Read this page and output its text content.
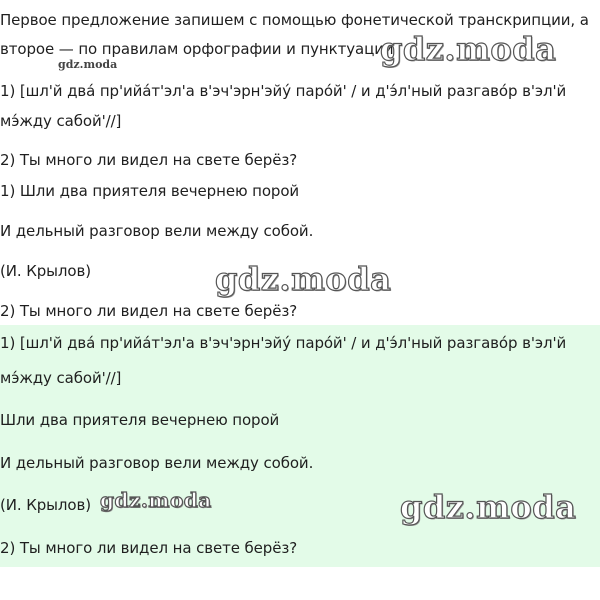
Первое предложение запишем с помощью фонетической транскрипции, а второе — по правилам орфографии и пунктуации.
gdz.moda
gdz.moda
1) [шл'й два́ пр'ийа́т'эл'а в'эч'эрн'эйу́ паро́й' / и д'э́л'ный разгаво́р в'эл'й мэ́жду сабой'//]
2) Ты много ли видел на свете берёз?
1) Шли два приятеля вечернею порой
И дельный разговор вели между собой.
(И. Крылов)	gdz.moda
2) Ты много ли видел на свете берёз?
1) [шл'й два́ пр'ийа́т'эл'а в'эч'эрн'эйу́ паро́й' / и д'э́л'ный разгаво́р в'эл'й
мэ́жду сабой'//]
Шли два приятеля вечернею порой
И дельный разговор вели между собой.
(И. Крылов) gdz.moda	gdz.moda
2) Ты много ли видел на свете берёз?
